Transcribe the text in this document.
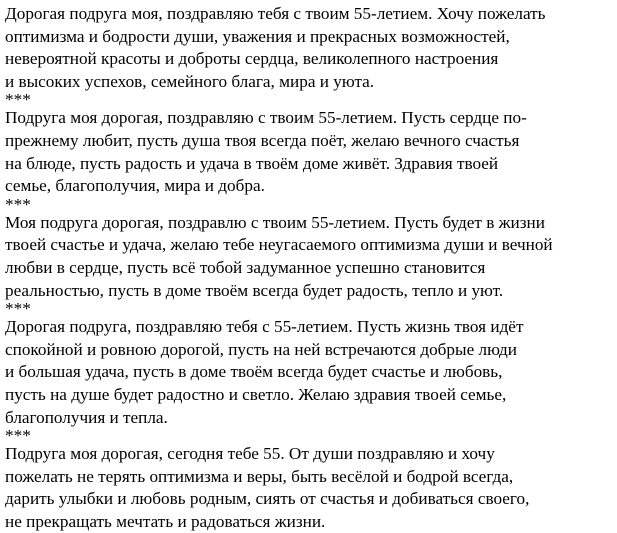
Дорогая подруга моя, поздравляю тебя с твоим 55-летием. Хочу пожелать
оптимизма и бодрости души, уважения и прекрасных возможностей,
невероятной красоты и доброты сердца, великолепного настроения
и высоких успехов, семейного блага, мира и уюта.
***
Подруга моя дорогая, поздравляю с твоим 55-летием. Пусть сердце по-
прежнему любит, пусть душа твоя всегда поёт, желаю вечного счастья
на блюде, пусть радость и удача в твоём доме живёт. Здравия твоей
семье, благополучия, мира и добра.
***
Моя подруга дорогая, поздравлю с твоим 55-летием. Пусть будет в жизни
твоей счастье и удача, желаю тебе неугасаемого оптимизма души и вечной
любви в сердце, пусть всё тобой задуманное успешно становится
реальностью, пусть в доме твоём всегда будет радость, тепло и уют.
***
Дорогая подруга, поздравляю тебя с 55-летием. Пусть жизнь твоя идёт
спокойной и ровною дорогой, пусть на ней встречаются добрые люди
и большая удача, пусть в доме твоём всегда будет счастье и любовь,
пусть на душе будет радостно и светло. Желаю здравия твоей семье,
благополучия и тепла.
***
Подруга моя дорогая, сегодня тебе 55. От души поздравляю и хочу
пожелать не терять оптимизма и веры, быть весёлой и бодрой всегда,
дарить улыбки и любовь родным, сиять от счастья и добиваться своего,
не прекращать мечтать и радоваться жизни.
